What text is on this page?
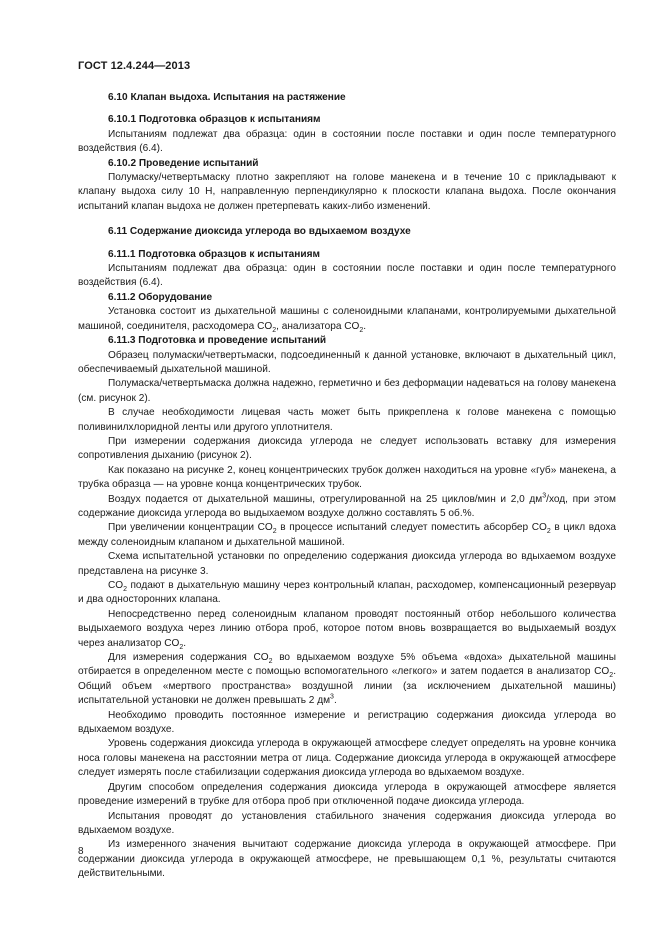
ГОСТ 12.4.244—2013

6.10 Клапан выдоха. Испытания на растяжение

6.10.1 Подготовка образцов к испытаниям

Испытаниям подлежат два образца: один в состоянии после поставки и один после температурного воздействия (6.4).

6.10.2 Проведение испытаний

Полумаску/четвертьмаску плотно закрепляют на голове манекена и в течение 10 с прикладывают к клапану выдоха силу 10 Н, направленную перпендикулярно к плоскости клапана выдоха. После окончания испытаний клапан выдоха не должен претерпевать каких-либо изменений.

6.11 Содержание диоксида углерода во вдыхаемом воздухе

6.11.1 Подготовка образцов к испытаниям

Испытаниям подлежат два образца: один в состоянии после поставки и один после температурного воздействия (6.4).

6.11.2 Оборудование

Установка состоит из дыхательной машины с соленоидными клапанами, контролируемыми дыхательной машиной, соединителя, расходомера $CO_2$, анализатора $CO_2$.

6.11.3 Подготовка и проведение испытаний

Образец полумаски/четвертьмаски, подсоединенный к данной установке, включают в дыхательный цикл, обеспечиваемый дыхательной машиной.

Полумаска/четвертьмаска должна надежно, герметично и без деформации надеваться на голову манекена (см. рисунок 2).

В случае необходимости лицевая часть может быть прикреплена к голове манекена с помощью поливинилхлоридной ленты или другого уплотнителя.

При измерении содержания диоксида углерода не следует использовать вставку для измерения сопротивления дыханию (рисунок 2).

Как показано на рисунке 2, конец концентрических трубок должен находиться на уровне «губ» манекена, а трубка образца — на уровне конца концентрических трубок.

Воздух подается от дыхательной машины, отрегулированной на 25 циклов/мин и 2,0 $дм^3$/ход, при этом содержание диоксида углерода во выдыхаемом воздухе должно составлять 5 об.%.

При увеличении концентрации $CO_2$ в процессе испытаний следует поместить абсорбер $CO_2$ в цикл вдоха между соленоидным клапаном и дыхательной машиной.

Схема испытательной установки по определению содержания диоксида углерода во вдыхаемом воздухе представлена на рисунке 3.

$CO_2$ подают в дыхательную машину через контрольный клапан, расходомер, компенсационный резервуар и два односторонних клапана.

Непосредственно перед соленоидным клапаном проводят постоянный отбор небольшого количества выдыхаемого воздуха через линию отбора проб, которое потом вновь возвращается во выдыхаемый воздух через анализатор $CO_2$.

Для измерения содержания $CO_2$ во вдыхаемом воздухе 5% объема «вдоха» дыхательной машины отбирается в определенном месте с помощью вспомогательного «легкого» и затем подается в анализатор $CO_2$. Общий объем «мертвого пространства» воздушной линии (за исключением дыхательной машины) испытательной установки не должен превышать 2 $дм^3$.

Необходимо проводить постоянное измерение и регистрацию содержания диоксида углерода во вдыхаемом воздухе.

Уровень содержания диоксида углерода в окружающей атмосфере следует определять на уровне кончика носа головы манекена на расстоянии метра от лица. Содержание диоксида углерода в окружающей атмосфере следует измерять после стабилизации содержания диоксида углерода во вдыхаемом воздухе.

Другим способом определения содержания диоксида углерода в окружающей атмосфере является проведение измерений в трубке для отбора проб при отключенной подаче диоксида углерода.

Испытания проводят до установления стабильного значения содержания диоксида углерода во вдыхаемом воздухе.

Из измеренного значения вычитают содержание диоксида углерода в окружающей атмосфере. При содержании диоксида углерода в окружающей атмосфере, не превышающем 0,1 %, результаты считаются действительными.

8
